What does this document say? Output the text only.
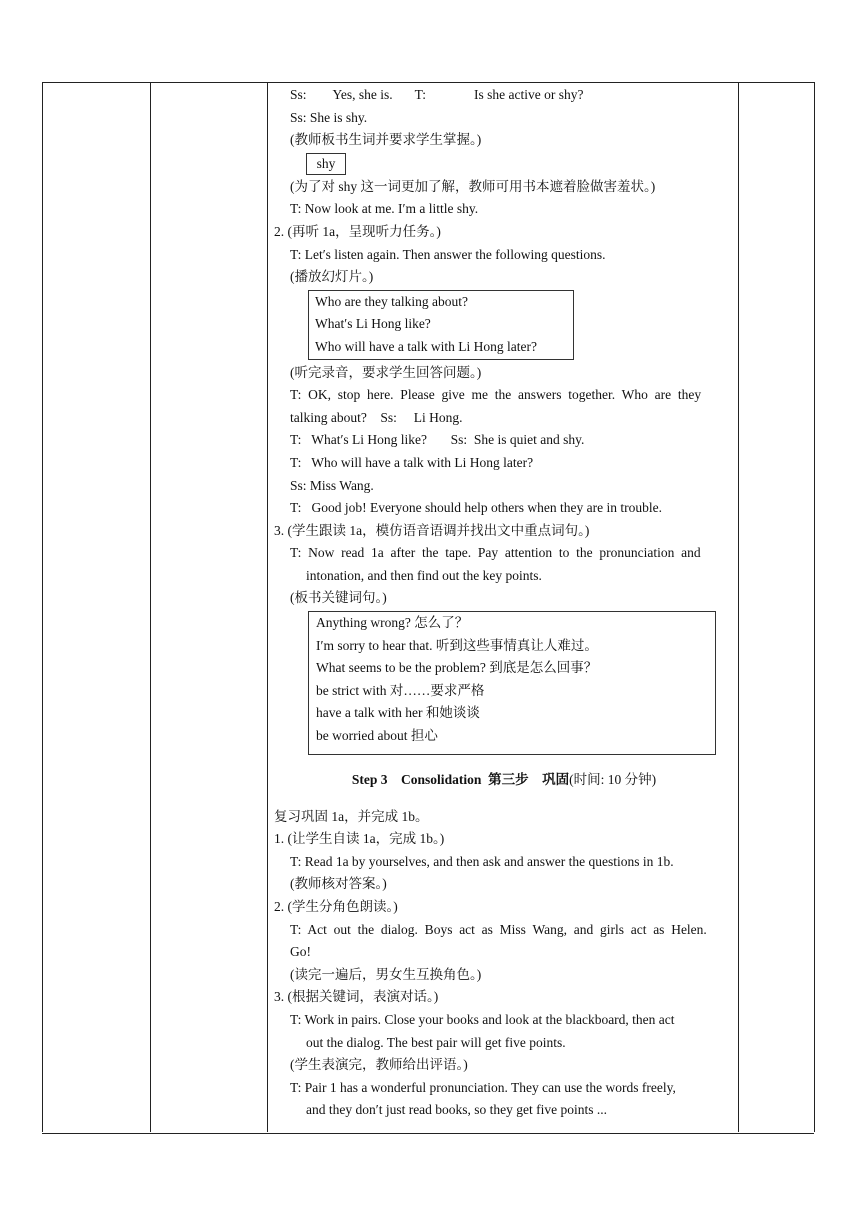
Ss: Yes, she is. T:	Is she active or shy?
Ss: She is shy.
(教师板书生词并要求学生掌握。)
shy
(为了对 shy 这一词更加了解，教师可用书本遮着脸做害羞状。)
T: Now look at me. I′m a little shy.
2. (再听 1a，呈现听力任务。)
T: Let′s listen again. Then answer the following questions.
(播放幻灯片。)
Who are they talking about?
What′s Li Hong like?
Who will have a talk with Li Hong later?
(听完录音，要求学生回答问题。)
T:  OK,  stop  here.  Please  give  me  the  answers  together.  Who  are  they
talking about?    Ss:     Li Hong.
T:   What′s Li Hong like?       Ss:  She is quiet and shy.
T:   Who will have a talk with Li Hong later?
Ss: Miss Wang.
T:   Good job! Everyone should help others when they are in trouble.
3. (学生跟读 1a，模仿语音语调并找出文中重点词句。)
T:  Now  read  1a  after  the  tape.  Pay  attention  to  the  pronunciation  and
intonation, and then find out the key points.
(板书关键词句。)
Anything wrong? 怎么了？
I′m sorry to hear that. 听到这些事情真让人难过。
What seems to be the problem? 到底是怎么回事？
be strict with 对……要求严格
have a talk with her 和她谈谈
be worried about 担心
Step 3    Consolidation  第三步    巩固(时间: 10 分钟)
复习巩固 1a，并完成 1b。
1. (让学生自读 1a，完成 1b。)
T: Read 1a by yourselves, and then ask and answer the questions in 1b.
(教师核对答案。)
2. (学生分角色朗读。)
T:  Act  out  the  dialog.  Boys  act  as  Miss  Wang,  and  girls  act  as  Helen.
Go!
(读完一遍后，男女生互换角色。)
3. (根据关键词，表演对话。)
T: Work in pairs. Close your books and look at the blackboard, then act
out the dialog. The best pair will get five points.
(学生表演完，教师给出评语。)
T: Pair 1 has a wonderful pronunciation. They can use the words freely,
and they don′t just read books, so they get five points ...
